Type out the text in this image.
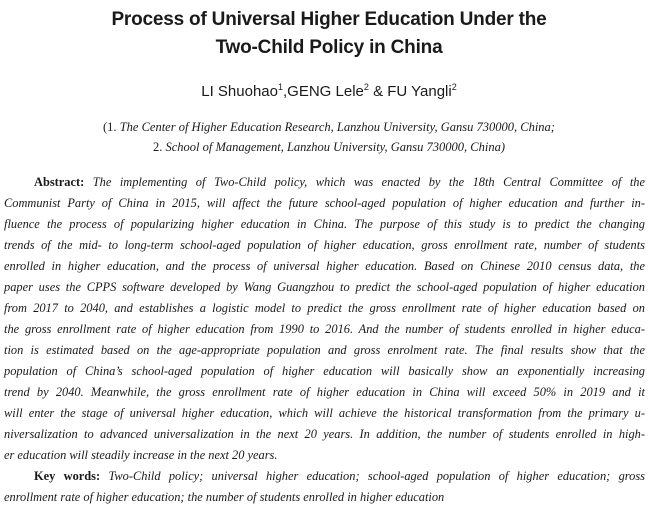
Process of Universal Higher Education Under the
Two-Child Policy in China
LI Shuohao$^1$,GENG Lele$^2$ & FU Yangli$^2$
(1. The Center of Higher Education Research, Lanzhou University, Gansu 730000, China;
2. School of Management, Lanzhou University, Gansu 730000, China)
Abstract: The implementing of Two-Child policy, which was enacted by the 18th Central Committee of the
Communist Party of China in 2015, will affect the future school-aged population of higher education and further in-
fluence the process of popularizing higher education in China. The purpose of this study is to predict the changing
trends of the mid- to long-term school-aged population of higher education, gross enrollment rate, number of students
enrolled in higher education, and the process of universal higher education. Based on Chinese 2010 census data, the
paper uses the CPPS software developed by Wang Guangzhou to predict the school-aged population of higher education
from 2017 to 2040, and establishes a logistic model to predict the gross enrollment rate of higher education based on
the gross enrollment rate of higher education from 1990 to 2016. And the number of students enrolled in higher educa-
tion is estimated based on the age-appropriate population and gross enrolment rate. The final results show that the
population of China’s school-aged population of higher education will basically show an exponentially increasing
trend by 2040. Meanwhile, the gross enrollment rate of higher education in China will exceed 50% in 2019 and it
will enter the stage of universal higher education, which will achieve the historical transformation from the primary u-
niversalization to advanced universalization in the next 20 years. In addition, the number of students enrolled in high-
er education will steadily increase in the next 20 years.
Key words: Two-Child policy; universal higher education; school-aged population of higher education; gross
enrollment rate of higher education; the number of students enrolled in higher education
